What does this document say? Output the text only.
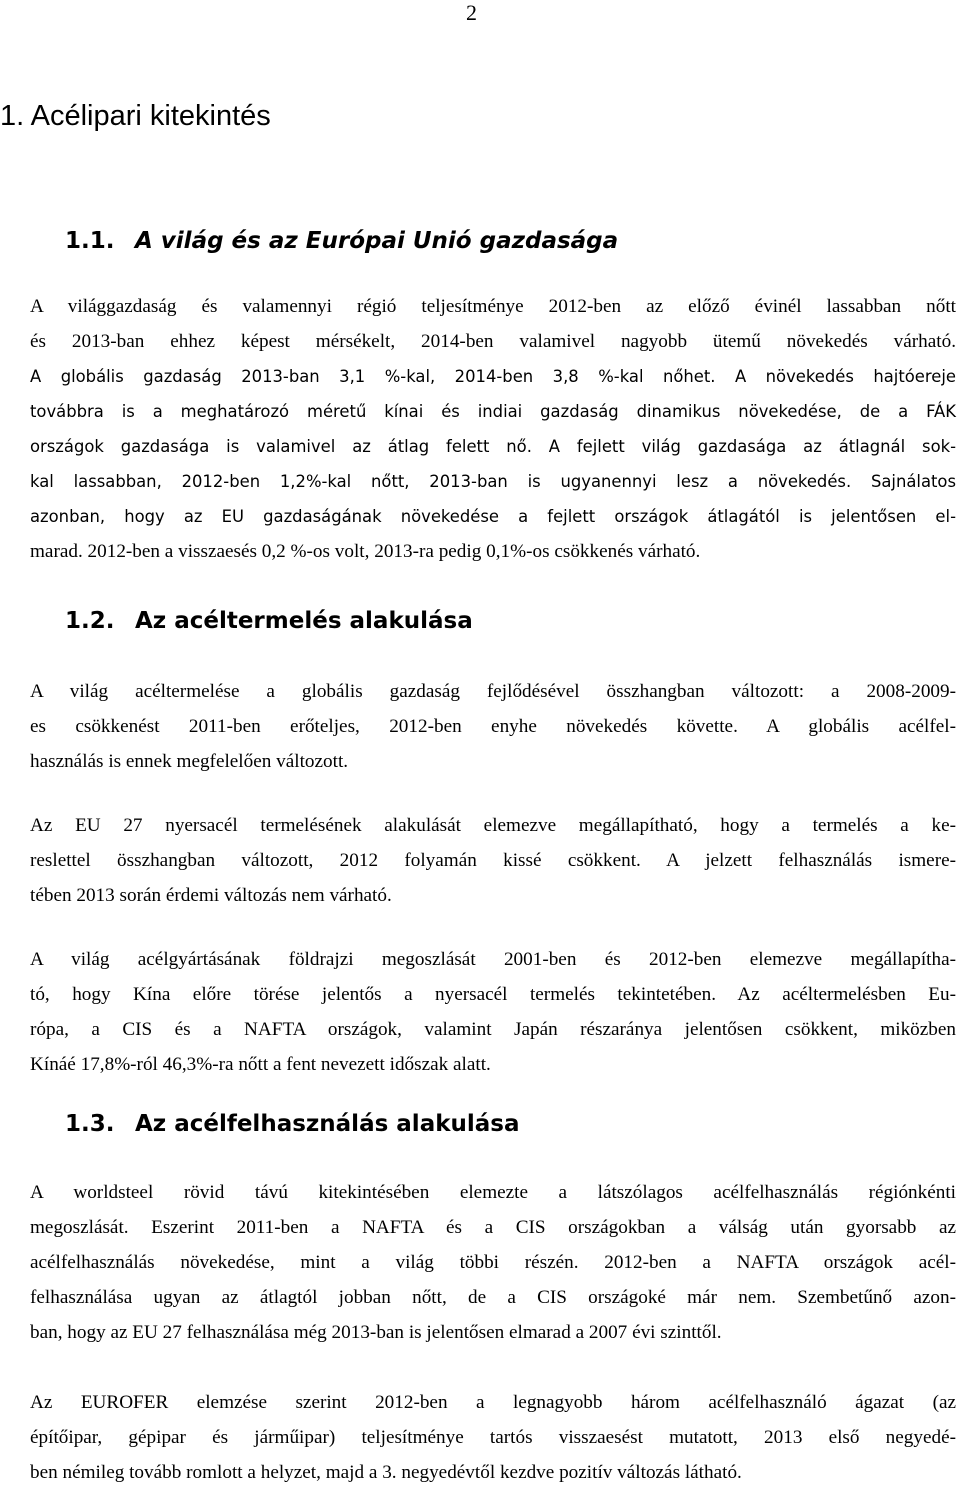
2
1. Acélipari kitekintés
1.1. A világ és az Európai Unió gazdasága
A világgazdaság és valamennyi régió teljesítménye 2012-ben az előző évinél lassabban nőtt
és 2013-ban ehhez képest mérsékelt, 2014-ben valamivel nagyobb ütemű növekedés várható.
A globális gazdaság 2013-ban 3,1 %-kal, 2014-ben 3,8 %-kal nőhet. A növekedés hajtóereje
továbbra is a meghatározó méretű kínai és indiai gazdaság dinamikus növekedése, de a FÁK
országok gazdasága is valamivel az átlag felett nő. A fejlett világ gazdasága az átlagnál sok-
kal lassabban, 2012-ben 1,2%-kal nőtt, 2013-ban is ugyanennyi lesz a növekedés. Sajnálatos
azonban, hogy az EU gazdaságának növekedése a fejlett országok átlagától is jelentősen el-
marad. 2012-ben a visszaesés 0,2 %-os volt, 2013-ra pedig 0,1%-os csökkenés várható.
1.2. Az acéltermelés alakulása
A világ acéltermelése a globális gazdaság fejlődésével összhangban változott: a 2008-2009-
es csökkenést 2011-ben erőteljes, 2012-ben enyhe növekedés követte. A globális acélfel-
használás is ennek megfelelően változott.
Az EU 27 nyersacél termelésének alakulását elemezve megállapítható, hogy a termelés a ke-
reslettel összhangban változott, 2012 folyamán kissé csökkent. A jelzett felhasználás ismere-
tében 2013 során érdemi változás nem várható.
A világ acélgyártásának földrajzi megoszlását 2001-ben és 2012-ben elemezve megállapítha-
tó, hogy Kína előre törése jelentős a nyersacél termelés tekintetében. Az acéltermelésben Eu-
rópa, a CIS és a NAFTA országok, valamint Japán részaránya jelentősen csökkent, miközben
Kínáé 17,8%-ról 46,3%-ra nőtt a fent nevezett időszak alatt.
1.3. Az acélfelhasználás alakulása
A worldsteel rövid távú kitekintésében elemezte a látszólagos acélfelhasználás régiónkénti
megoszlását. Eszerint 2011-ben a NAFTA és a CIS országokban a válság után gyorsabb az
acélfelhasználás növekedése, mint a világ többi részén. 2012-ben a NAFTA országok acél-
felhasználása ugyan az átlagtól jobban nőtt, de a CIS országoké már nem. Szembetűnő azon-
ban, hogy az EU 27 felhasználása még 2013-ban is jelentősen elmarad a 2007 évi szinttől.
Az EUROFER elemzése szerint 2012-ben a legnagyobb három acélfelhasználó ágazat (az
építőipar, gépipar és járműipar) teljesítménye tartós visszaesést mutatott, 2013 első negyedé-
ben némileg tovább romlott a helyzet, majd a 3. negyedévtől kezdve pozitív változás látható.
